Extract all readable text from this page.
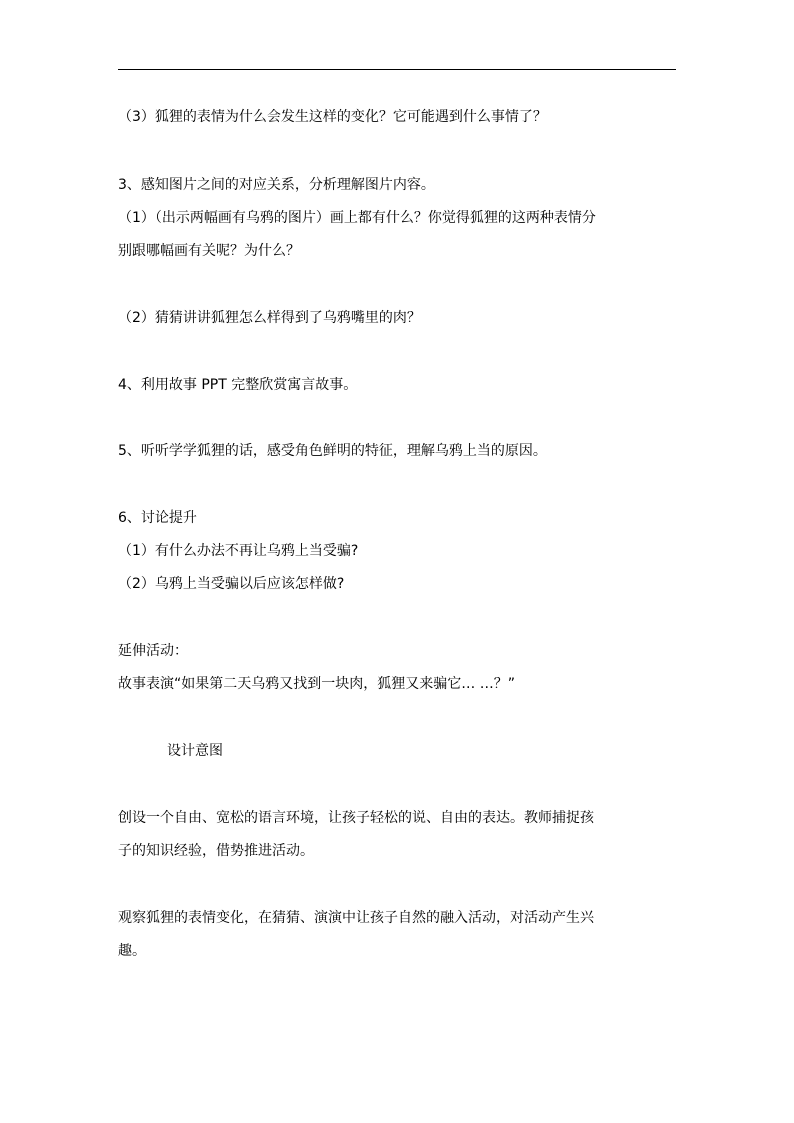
（3）狐狸的表情为什么会发生这样的变化？它可能遇到什么事情了？
3、感知图片之间的对应关系，分析理解图片内容。
（1）（出示两幅画有乌鸦的图片）画上都有什么？你觉得狐狸的这两种表情分
别跟哪幅画有关呢？为什么？
（2）猜猜讲讲狐狸怎么样得到了乌鸦嘴里的肉？
4、利用故事 PPT 完整欣赏寓言故事。
5、听听学学狐狸的话，感受角色鲜明的特征，理解乌鸦上当的原因。
6、讨论提升
（1）有什么办法不再让乌鸦上当受骗?
（2）乌鸦上当受骗以后应该怎样做?
延伸活动：
故事表演“如果第二天乌鸦又找到一块肉，狐狸又来骗它… …？”
设计意图
创设一个自由、宽松的语言环境，让孩子轻松的说、自由的表达。教师捕捉孩
子的知识经验，借势推进活动。
观察狐狸的表情变化，在猜猜、演演中让孩子自然的融入活动，对活动产生兴
趣。
